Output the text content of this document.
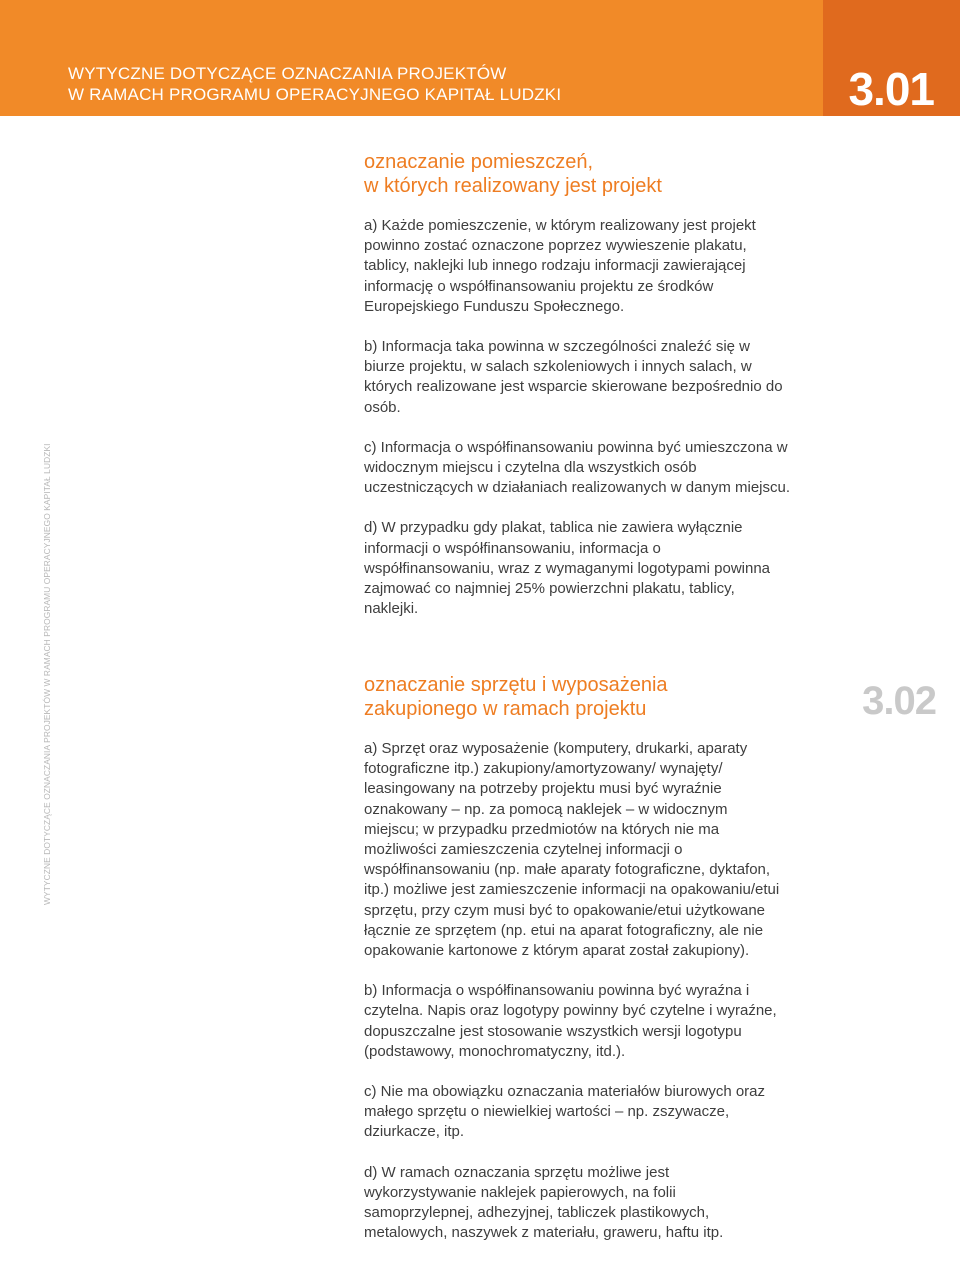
WYTYCZNE DOTYCZĄCE OZNACZANIA PROJEKTÓW
W RAMACH PROGRAMU OPERACYJNEGO KAPITAŁ LUDZKI	3.01
WYTYCZNE DOTYCZĄCE OZNACZANIA PROJEKTÓW W RAMACH PROGRAMU OPERACYJNEGO KAPITAŁ LUDZKI
oznaczanie pomieszczeń,
w których realizowany jest projekt

a) Każde pomieszczenie, w którym realizowany jest projekt powinno zostać oznaczone poprzez wywieszenie plakatu, tablicy, naklejki lub innego rodzaju informacji zawierającej informację o współfinansowaniu projektu ze środków Europejskiego Funduszu Społecznego.

b) Informacja taka powinna w szczególności znaleźć się w biurze projektu, w salach szkoleniowych i innych salach, w których realizowane jest wsparcie skierowane bezpośrednio do osób.

c) Informacja o współfinansowaniu powinna być umieszczona w widocznym miejscu i czytelna dla wszystkich osób uczestniczących w działaniach realizowanych w danym miejscu.

d) W przypadku gdy plakat, tablica nie zawiera wyłącznie informacji o współfinansowaniu, informacja o współfinansowaniu, wraz z wymaganymi logotypami powinna zajmować co najmniej 25% powierzchni plakatu, tablicy, naklejki.

3.02
oznaczanie sprzętu i wyposażenia
zakupionego w ramach projektu

a) Sprzęt oraz wyposażenie (komputery, drukarki, aparaty fotograficzne itp.) zakupiony/amortyzowany/ wynajęty/ leasingowany na potrzeby projektu musi być wyraźnie oznakowany – np. za pomocą naklejek – w widocznym miejscu; w przypadku przedmiotów na których nie ma możliwości zamieszczenia czytelnej informacji o współfinansowaniu (np. małe aparaty fotograficzne, dyktafon, itp.) możliwe jest zamieszczenie informacji na opakowaniu/etui sprzętu, przy czym musi być to opakowanie/etui użytkowane łącznie ze sprzętem (np. etui na aparat fotograficzny, ale nie opakowanie kartonowe z którym aparat został zakupiony).

b) Informacja o współfinansowaniu powinna być wyraźna i czytelna. Napis oraz logotypy powinny być czytelne i wyraźne, dopuszczalne jest stosowanie wszystkich wersji logotypu (podstawowy, monochromatyczny, itd.).

c) Nie ma obowiązku oznaczania materiałów biurowych oraz małego sprzętu o niewielkiej wartości – np. zszywacze, dziurkacze, itp.

d) W ramach oznaczania sprzętu możliwe jest wykorzystywanie naklejek papierowych, na folii samoprzylepnej, adhezyjnej, tabliczek plastikowych, metalowych, naszywek z materiału, graweru, haftu itp.
